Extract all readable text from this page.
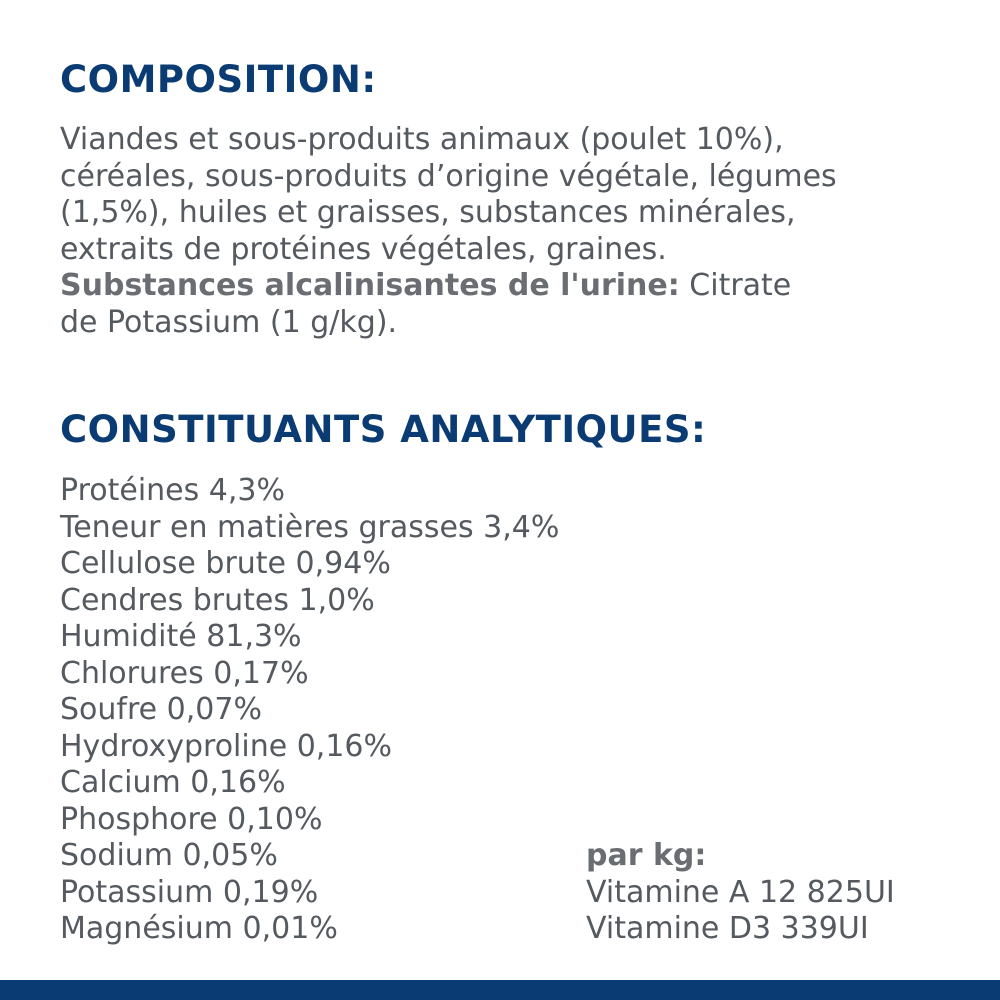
COMPOSITION:
Viandes et sous-produits animaux (poulet 10%),
céréales, sous-produits d’origine végétale, légumes
(1,5%), huiles et graisses, substances minérales,
extraits de protéines végétales, graines.
Substances alcalinisantes de l'urine: Citrate
de Potassium (1 g/kg).
CONSTITUANTS ANALYTIQUES:
Protéines 4,3%
Teneur en matières grasses 3,4%
Cellulose brute 0,94%
Cendres brutes 1,0%
Humidité 81,3%
Chlorures 0,17%
Soufre 0,07%
Hydroxyproline 0,16%
Calcium 0,16%
Phosphore 0,10%
Sodium 0,05%
Potassium 0,19%
Magnésium 0,01%
par kg:
Vitamine A 12 825UI
Vitamine D3 339UI
